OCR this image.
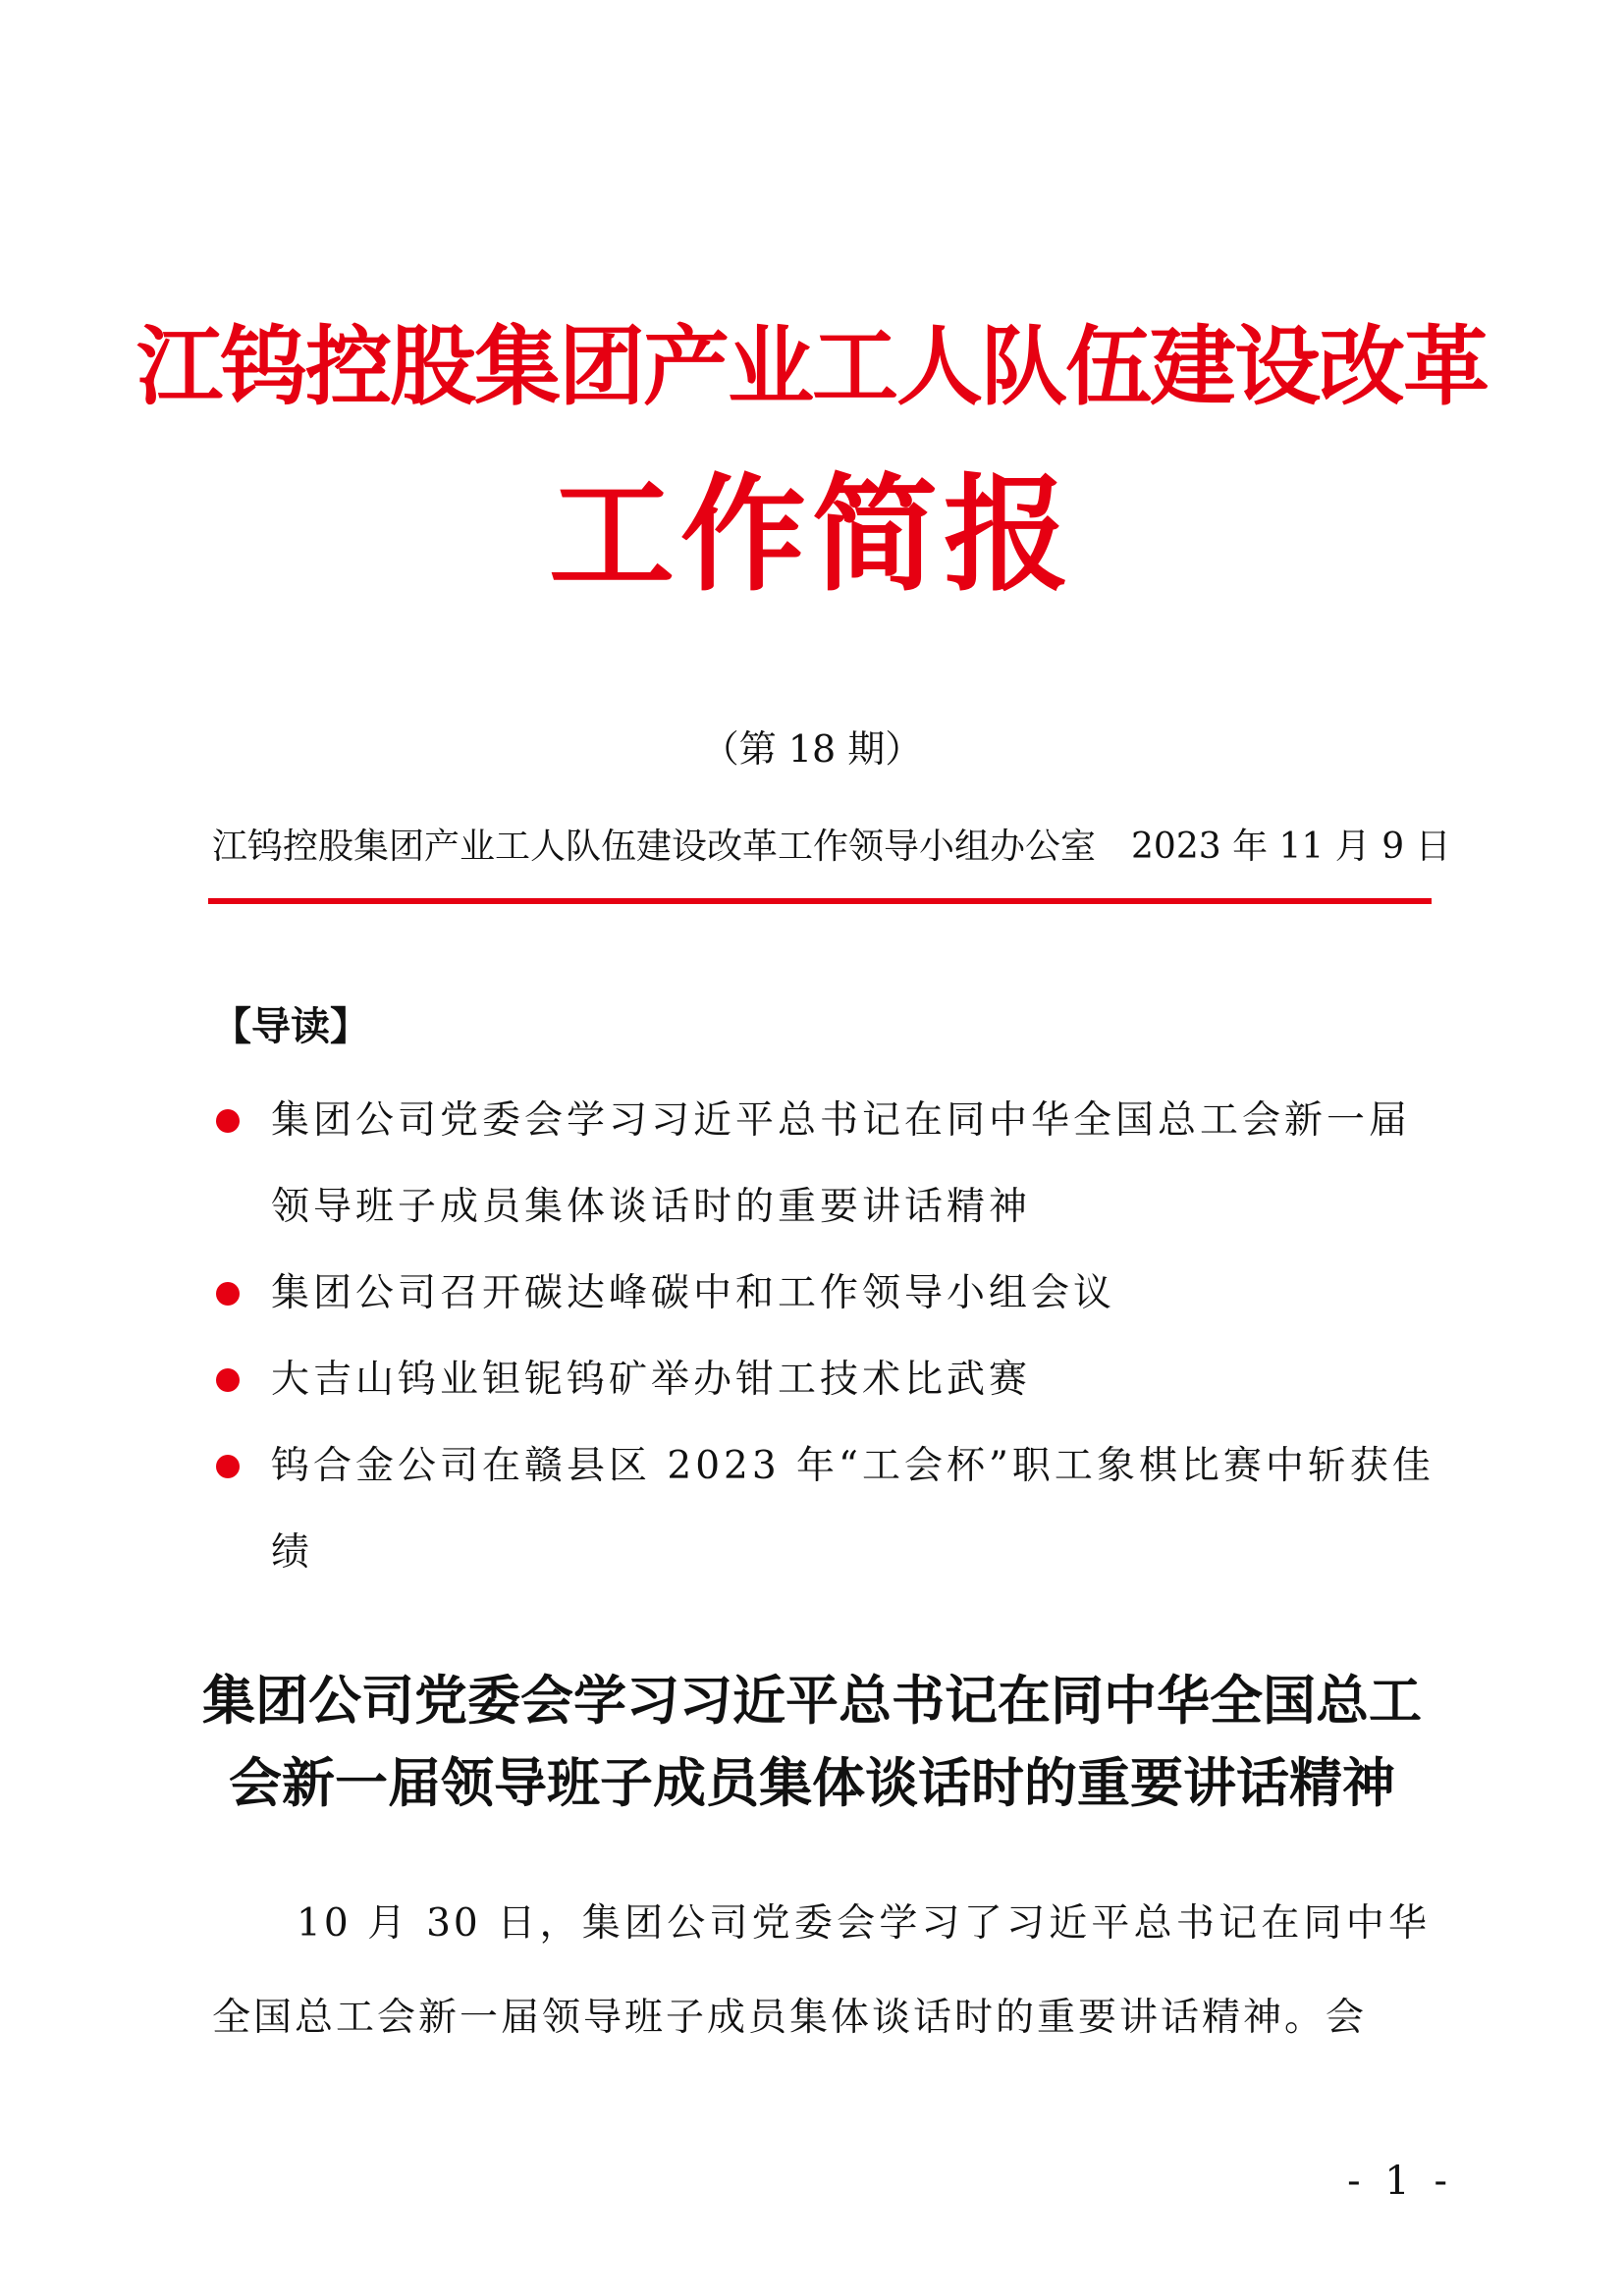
江钨控股集团产业工人队伍建设改革
工作简报
（第 18 期）
江钨控股集团产业工人队伍建设改革工作领导小组办公室 2023 年 11 月 9 日
【导读】
集团公司党委会学习习近平总书记在同中华全国总工会新一届领导班子成员集体谈话时的重要讲话精神
集团公司召开碳达峰碳中和工作领导小组会议
大吉山钨业钽铌钨矿举办钳工技术比武赛
钨合金公司在赣县区 2023 年“工会杯”职工象棋比赛中斩获佳绩
集团公司党委会学习习近平总书记在同中华全国总工
会新一届领导班子成员集体谈话时的重要讲话精神
10 月 30 日，集团公司党委会学习了习近平总书记在同中华全国总工会新一届领导班子成员集体谈话时的重要讲话精神。会
- 1 -
